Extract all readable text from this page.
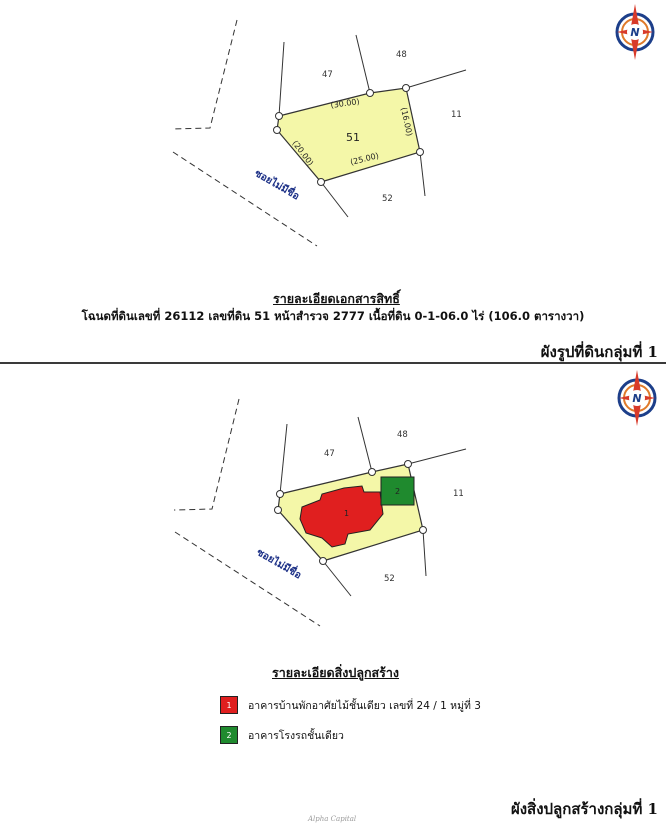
51
47
48
11
52
(30.00)
(16.00)
(25.00)
(20.00)
ซอยไม่มีชื่อ
N
รายละเอียดเอกสารสิทธิ์
โฉนดที่ดินเลขที่ 26112 เลขที่ดิน 51 หน้าสำรวจ 2777 เนื้อที่ดิน 0-1-06.0 ไร่ (106.0 ตารางวา)
ผังรูปที่ดินกลุ่มที่ 1
1
2
47
48
11
52
ซอยไม่มีชื่อ
N
รายละเอียดสิ่งปลูกสร้าง
1 อาคารบ้านพักอาศัยไม้ชั้นเดียว เลขที่ 24 / 1 หมู่ที่ 3
2 อาคารโรงรถชั้นเดียว
ผังสิ่งปลูกสร้างกลุ่มที่ 1
Alpha Capital
